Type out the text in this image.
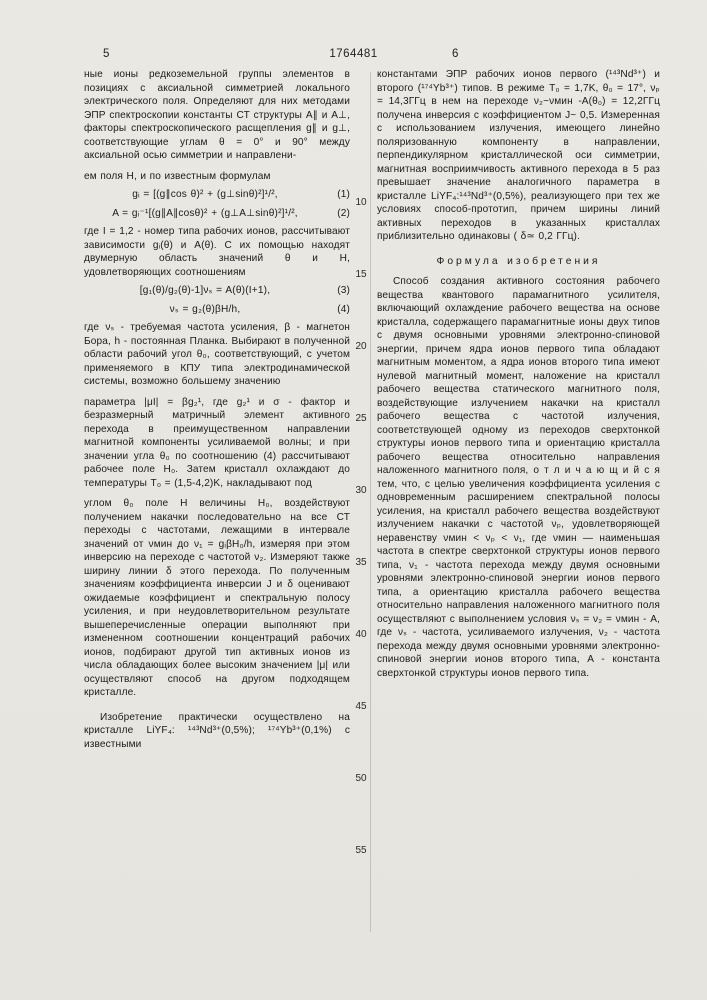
5	1764481	6
10
15
20
25
30
35
40
45
50
55
ные ионы редкоземельной группы элементов в позициях с аксиальной симметрией локального электрического поля. Определяют для них методами ЭПР спектроскопии константы СТ структуры A∥ и A⊥, факторы спектроскопического расщепления g∥ и g⊥, соответствующие углам θ = 0° и 90° между аксиальной осью симметрии и направлени-
ем поля H, и по известным формулам
gᵢ = [(g∥cos θ)² + (g⊥sinθ)²]¹/²,	(1)
A = gᵢ⁻¹[(g∥A∥cosθ)² + (g⊥A⊥sinθ)²]¹/²,	(2)
где I = 1,2 - номер типа рабочих ионов, рассчитывают зависимости gᵢ(θ) и A(θ). С их помощью находят двумерную область значений θ и H, удовлетворяющих соотношениям
[g₁(θ)/g₂(θ)-1]νₛ = A(θ)(I+1),	(3)
νₛ = g₂(θ)βH/h,	(4)
где νₛ - требуемая частота усиления, β - магнетон Бора, h - постоянная Планка. Выбирают в полученной области рабочий угол θ₀, соответствующий, с учетом применяемого в КПУ типа электродинамической системы, возможно большему значению
параметра |μI| = βg₂¹, где g₂¹ и σ - фактор и безразмерный матричный элемент активного перехода в преимущественном направлении магнитной компоненты усиливаемой волны; и при значении угла θ₀ по соотношению (4) рассчитывают рабочее поле H₀. Затем кристалл охлаждают до температуры T₀ = (1,5-4,2)K, накладывают под
углом θ₀ поле H величины H₀, воздействуют получением накачки последовательно на все СТ переходы с частотами, лежащими в интервале значений от νмин до ν₁ = gᵢβH₀/h, измеряя при этом инверсию на переходе с частотой ν₂. Измеряют также ширину линии δ этого перехода. По полученным значениям коэффициента инверсии J и δ оценивают ожидаемые коэффициент и спектральную полосу усиления, и при неудовлетворительном результате вышеперечисленные операции выполняют при измененном соотношении концентраций рабочих ионов, подбирают другой тип активных ионов из числа обладающих более высоким значением |μ| или осуществляют способ на другом подходящем кристалле.
Изобретение практически осуществлено на кристалле LiYF₄: ¹⁴³Nd³⁺(0,5%); ¹⁷⁴Yb³⁺(0,1%) с известными
константами ЭПР рабочих ионов первого (¹⁴³Nd³⁺) и второго (¹⁷⁴Yb³⁺) типов. В режиме T₀ = 1,7K, θ₀ = 17°, νₚ = 14,3ГГц в нем на переходе ν₂~νмин -A(θ₀) = 12,2ГГц получена инверсия с коэффициентом J~ 0,5. Измеренная с использованием излучения, имеющего линейно поляризованную компоненту в направлении, перпендикулярном кристаллической оси симметрии, магнитная восприимчивость активного перехода в 5 раз превышает значение аналогичного параметра в кристалле LiYF₄:¹⁴³Nd³⁺(0,5%), реализующего при тех же условиях способ-прототип, причем ширины линий активных переходов в указанных кристаллах приблизительно одинаковы ( δ≃ 0,2 ГГц).
Формула изобретения
Способ создания активного состояния рабочего вещества квантового парамагнитного усилителя, включающий охлаждение рабочего вещества на основе кристалла, содержащего парамагнитные ионы двух типов с двумя основными уровнями электронно-спиновой энергии, причем ядра ионов первого типа обладают магнитным моментом, а ядра ионов второго типа имеют нулевой магнитный момент, наложение на кристалл рабочего вещества статического магнитного поля, воздействующие излучением накачки на кристалл рабочего вещества с частотой излучения, соответствующей одному из переходов сверхтонкой структуры ионов первого типа и ориентацию кристалла рабочего вещества относительно направления наложенного магнитного поля, о т л и ч а ю щ и й с я тем, что, с целью увеличения коэффициента усиления с одновременным расширением спектральной полосы усиления, на кристалл рабочего вещества воздействуют излучением накачки с частотой νₚ, удовлетворяющей неравенству νмин < νₚ < ν₁, где νмин — наименьшая частота в спектре сверхтонкой структуры ионов первого типа, ν₁ - частота перехода между двумя основными уровнями электронно-спиновой энергии ионов первого типа, а ориентацию кристалла рабочего вещества относительно направления наложенного магнитного поля осуществляют с выполнением условия νₛ = ν₂ = νмин - A, где νₛ - частота, усиливаемого излучения, ν₂ - частота перехода между двумя основными уровнями электронно-спиновой энергии ионов второго типа, A - константа сверхтонкой структуры ионов первого типа.
